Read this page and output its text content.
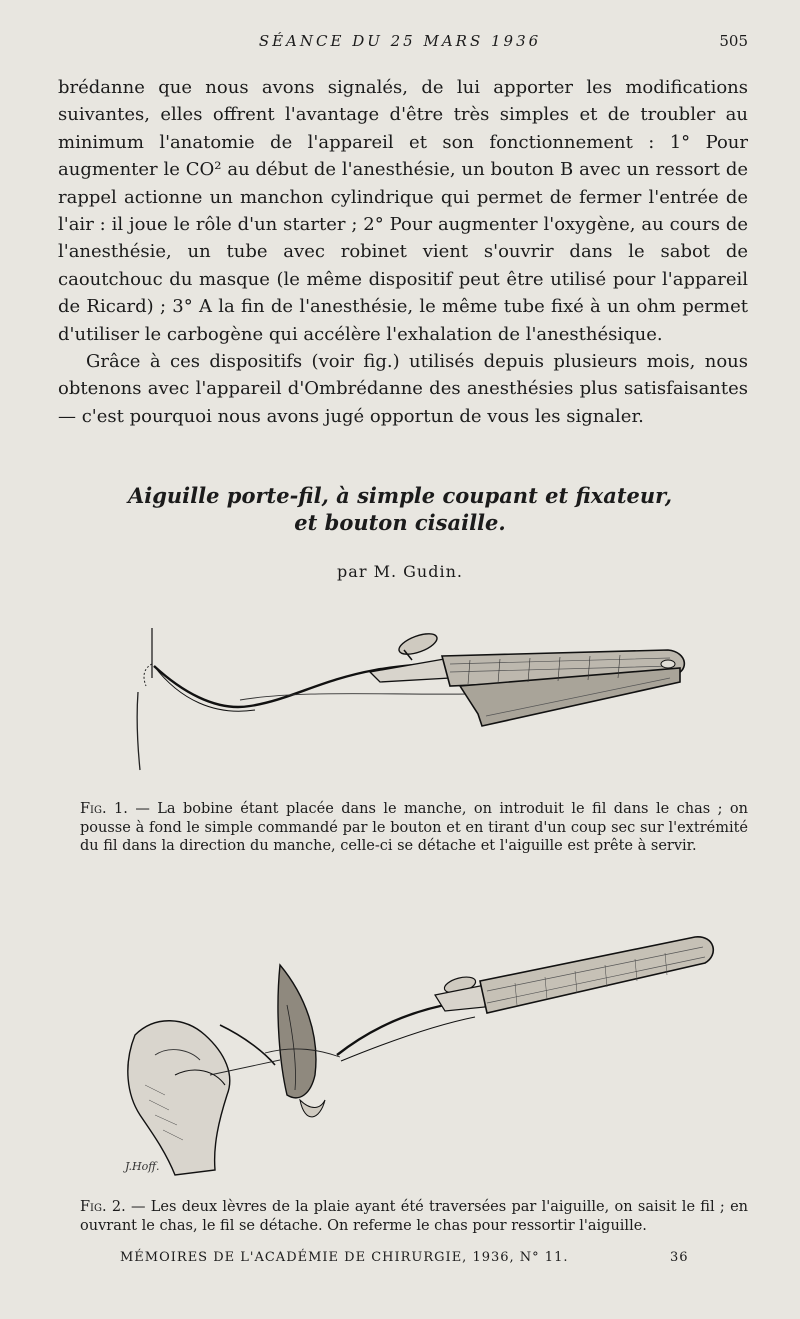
SÉANCE DU 25 MARS 1936	505

brédanne que nous avons signalés, de lui apporter les modifications suivantes, elles offrent l'avantage d'être très simples et de troubler au minimum l'anatomie de l'appareil et son fonctionnement : 1° Pour augmenter le CO² au début de l'anesthésie, un bouton B avec un ressort de rappel actionne un manchon cylindrique qui permet de fermer l'entrée de l'air : il joue le rôle d'un starter ; 2° Pour augmenter l'oxygène, au cours de l'anesthésie, un tube avec robinet vient s'ouvrir dans le sabot de caoutchouc du masque (le même dispositif peut être utilisé pour l'appareil de Ricard) ; 3° A la fin de l'anesthésie, le même tube fixé à un ohm permet d'utiliser le carbogène qui accélère l'exhalation de l'anesthésique.

Grâce à ces dispositifs (voir fig.) utilisés depuis plusieurs mois, nous obtenons avec l'appareil d'Ombrédanne des anesthésies plus satisfaisantes — c'est pourquoi nous avons jugé opportun de vous les signaler.

Aiguille porte-fil, à simple coupant et fixateur,
et bouton cisaille.
par M. Gudin.
Fig. 1. — La bobine étant placée dans le manche, on introduit le fil dans le chas ; on pousse à fond le simple commandé par le bouton et en tirant d'un coup sec sur l'extrémité du fil dans la direction du manche, celle-ci se détache et l'aiguille est prête à servir.
J.Hoff.
Fig. 2. — Les deux lèvres de la plaie ayant été traversées par l'aiguille, on saisit le fil ; en ouvrant le chas, le fil se détache. On referme le chas pour ressortir l'aiguille.
MÉMOIRES DE L'ACADÉMIE DE CHIRURGIE, 1936, N° 11.	36
